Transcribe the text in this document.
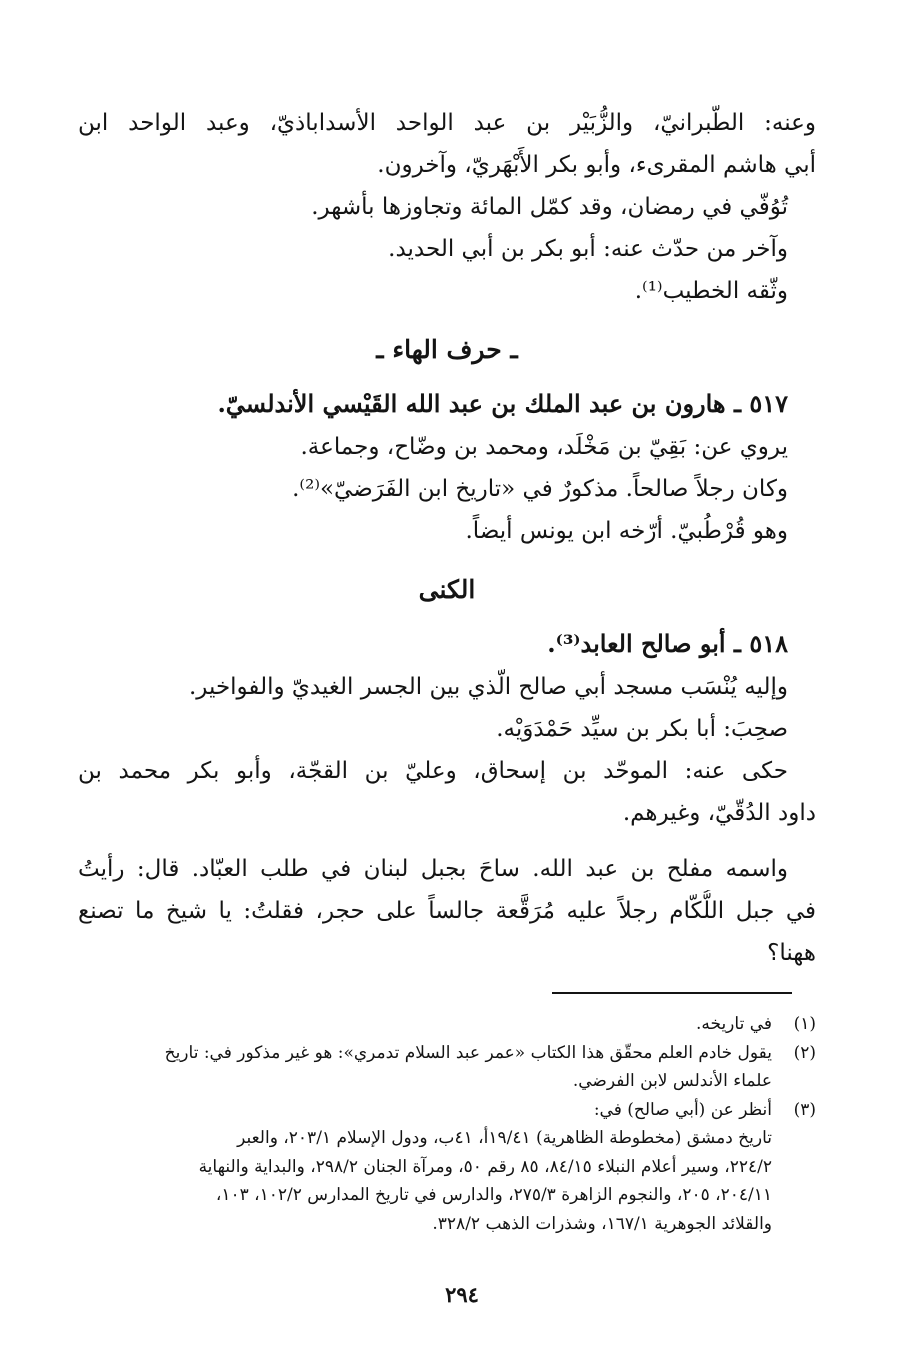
وعنه: الطّبرانيّ، والزُّبَيْر بن عبد الواحد الأسداباذيّ، وعبد الواحد ابن
أبي هاشم المقرىء، وأبو بكر الأَبْهَريّ، وآخرون.
تُوُفّي في رمضان، وقد كمّل المائة وتجاوزها بأشهر.
وآخر من حدّث عنه: أبو بكر بن أبي الحديد.
وثّقه الخطيب⁽¹⁾.
ـ حرف الهاء ـ
٥١٧ ـ هارون بن عبد الملك بن عبد الله القَيْسي الأندلسيّ.
يروي عن: بَقِيّ بن مَخْلَد، ومحمد بن وضّاح، وجماعة.
وكان رجلاً صالحاً. مذكورٌ في «تاريخ ابن الفَرَضيّ»⁽²⁾.
وهو قُرْطُبيّ. أرّخه ابن يونس أيضاً.
الكنى
٥١٨ ـ أبو صالح العابد⁽³⁾.
وإليه يُنْسَب مسجد أبي صالح الّذي بين الجسر الغيديّ والفواخير.
صحِبَ: أبا بكر بن سيِّد حَمْدَوَيْه.
حكى عنه: الموحّد بن إسحاق، وعليّ بن القجّة، وأبو بكر محمد بن
داود الدُقّيّ، وغيرهم.
واسمه مفلح بن عبد الله. ساحَ بجبل لبنان في طلب العبّاد. قال: رأيتُ
في جبل اللُّكّام رجلاً عليه مُرَقَّعة جالساً على حجر، فقلتُ: يا شيخ ما تصنع
ههنا؟
(١)
في تاريخه.
(٢)
يقول خادم العلم محقّق هذا الكتاب «عمر عبد السلام تدمري»: هو غير مذكور في: تاريخ
علماء الأندلس لابن الفرضي.
(٣)
أنظر عن (أبي صالح) في:
تاريخ دمشق (مخطوطة الظاهرية) ١٩/٤١أ، ٤١ب، ودول الإسلام ٢٠٣/١، والعبر
٢٢٤/٢، وسير أعلام النبلاء ٨٤/١٥، ٨٥ رقم ٥٠، ومرآة الجنان ٢٩٨/٢، والبداية والنهاية
٢٠٤/١١، ٢٠٥، والنجوم الزاهرة ٢٧٥/٣، والدارس في تاريخ المدارس ١٠٢/٢، ١٠٣،
والقلائد الجوهرية ١٦٧/١، وشذرات الذهب ٣٢٨/٢.
٢٩٤
